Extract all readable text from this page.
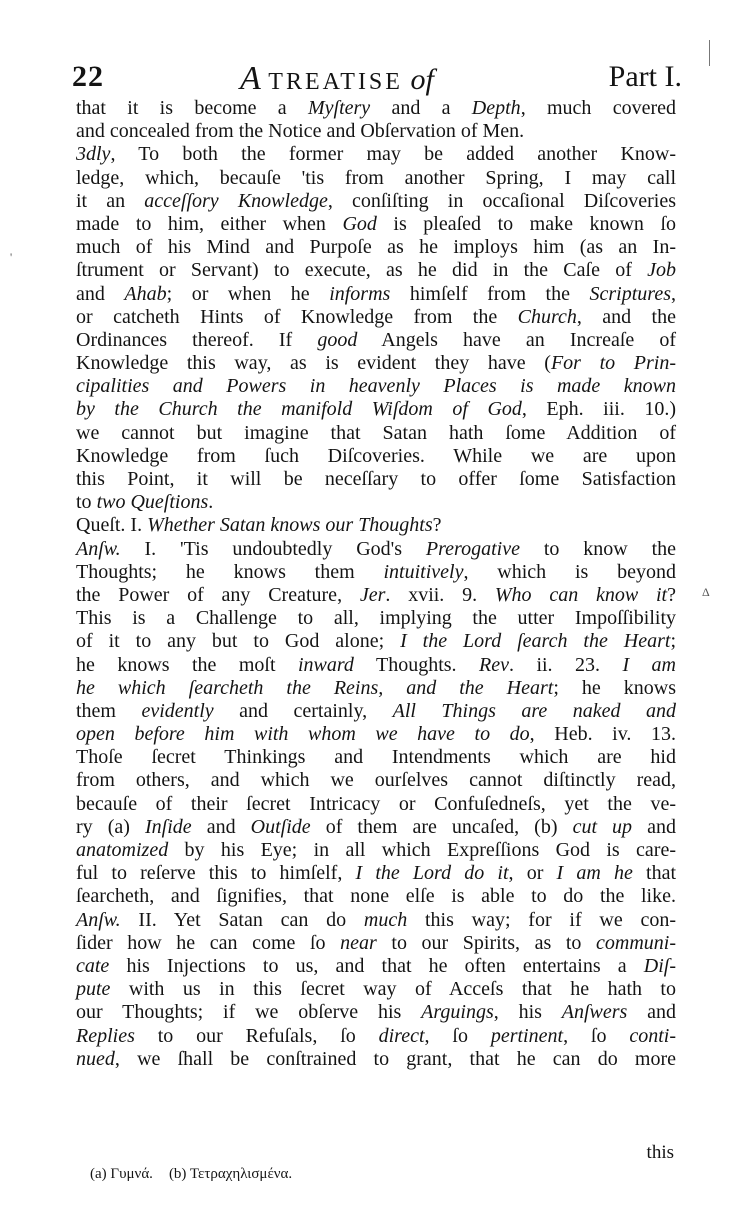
22	A TREATISE of	Part I.
that it is become a Myſtery and a Depth, much covered
and concealed from the Notice and Obſervation of Men.
3dly, To both the former may be added another Know-
ledge, which, becauſe 'tis from another Spring, I may call
it an acceſſory Knowledge, conſiſting in occaſional Diſcoveries
made to him, either when God is pleaſed to make known ſo
much of his Mind and Purpoſe as he imploys him (as an In-
ſtrument or Servant) to execute, as he did in the Caſe of Job
and Ahab; or when he informs himſelf from the Scriptures,
or catcheth Hints of Knowledge from the Church, and the
Ordinances thereof. If good Angels have an Increaſe of
Knowledge this way, as is evident they have (For to Prin-
cipalities and Powers in heavenly Places is made known
by the Church the manifold Wiſdom of God, Eph. iii. 10.)
we cannot but imagine that Satan hath ſome Addition of
Knowledge from ſuch Diſcoveries. While we are upon
this Point, it will be neceſſary to offer ſome Satisfaction
to two Queſtions.
Queſt. I. Whether Satan knows our Thoughts?
Anſw. I. 'Tis undoubtedly God's Prerogative to know the
Thoughts; he knows them intuitively, which is beyond
the Power of any Creature, Jer. xvii. 9. Who can know it?
This is a Challenge to all, implying the utter Impoſſibility
of it to any but to God alone; I the Lord ſearch the Heart;
he knows the moſt inward Thoughts. Rev. ii. 23. I am
he which ſearcheth the Reins, and the Heart; he knows
them evidently and certainly, All Things are naked and
open before him with whom we have to do, Heb. iv. 13.
Thoſe ſecret Thinkings and Intendments which are hid
from others, and which we ourſelves cannot diſtinctly read,
becauſe of their ſecret Intricacy or Confuſedneſs, yet the ve-
ry (a) Inſide and Outſide of them are uncaſed, (b) cut up and
anatomized by his Eye; in all which Expreſſions God is care-
ful to reſerve this to himſelf, I the Lord do it, or I am he that
ſearcheth, and ſignifies, that none elſe is able to do the like.
Anſw. II. Yet Satan can do much this way; for if we con-
ſider how he can come ſo near to our Spirits, as to communi-
cate his Injections to us, and that he often entertains a Diſ-
pute with us in this ſecret way of Acceſs that he hath to
our Thoughts; if we obſerve his Arguings, his Anſwers and
Replies to our Refuſals, ſo direct, ſo pertinent, ſo conti-
nued, we ſhall be conſtrained to grant, that he can do more
this
(a) Γυμνά. (b) Τετραχηλισμένα.
'
Δ
